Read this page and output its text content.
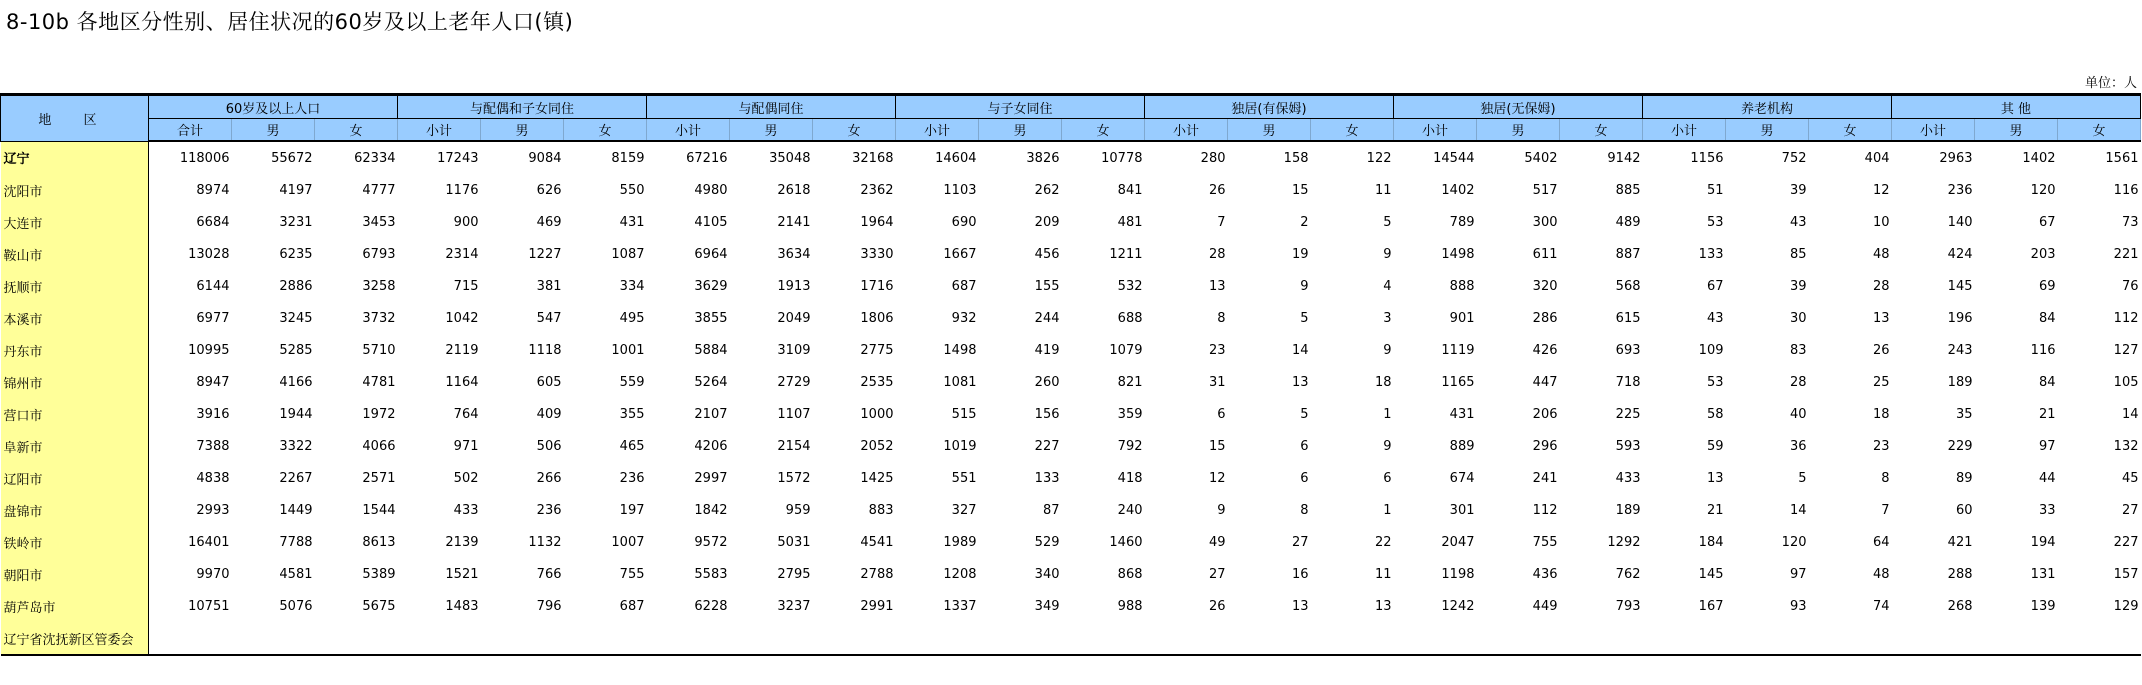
8-10b 各地区分性别、居住状况的60岁及以上老年人口(镇)
单位：人
地 区	60岁及以上人口			与配偶和子女同住			与配偶同住			与子女同住			独居(有保姆)			独居(无保姆)			养老机构			其 他		
	合计	男	女	小计	男	女	小计	男	女	小计	男	女	小计	男	女	小计	男	女	小计	男	女	小计	男	女
辽宁	118006	55672	62334	17243	9084	8159	67216	35048	32168	14604	3826	10778	280	158	122	14544	5402	9142	1156	752	404	2963	1402	1561
沈阳市	8974	4197	4777	1176	626	550	4980	2618	2362	1103	262	841	26	15	11	1402	517	885	51	39	12	236	120	116
大连市	6684	3231	3453	900	469	431	4105	2141	1964	690	209	481	7	2	5	789	300	489	53	43	10	140	67	73
鞍山市	13028	6235	6793	2314	1227	1087	6964	3634	3330	1667	456	1211	28	19	9	1498	611	887	133	85	48	424	203	221
抚顺市	6144	2886	3258	715	381	334	3629	1913	1716	687	155	532	13	9	4	888	320	568	67	39	28	145	69	76
本溪市	6977	3245	3732	1042	547	495	3855	2049	1806	932	244	688	8	5	3	901	286	615	43	30	13	196	84	112
丹东市	10995	5285	5710	2119	1118	1001	5884	3109	2775	1498	419	1079	23	14	9	1119	426	693	109	83	26	243	116	127
锦州市	8947	4166	4781	1164	605	559	5264	2729	2535	1081	260	821	31	13	18	1165	447	718	53	28	25	189	84	105
营口市	3916	1944	1972	764	409	355	2107	1107	1000	515	156	359	6	5	1	431	206	225	58	40	18	35	21	14
阜新市	7388	3322	4066	971	506	465	4206	2154	2052	1019	227	792	15	6	9	889	296	593	59	36	23	229	97	132
辽阳市	4838	2267	2571	502	266	236	2997	1572	1425	551	133	418	12	6	6	674	241	433	13	5	8	89	44	45
盘锦市	2993	1449	1544	433	236	197	1842	959	883	327	87	240	9	8	1	301	112	189	21	14	7	60	33	27
铁岭市	16401	7788	8613	2139	1132	1007	9572	5031	4541	1989	529	1460	49	27	22	2047	755	1292	184	120	64	421	194	227
朝阳市	9970	4581	5389	1521	766	755	5583	2795	2788	1208	340	868	27	16	11	1198	436	762	145	97	48	288	131	157
葫芦岛市	10751	5076	5675	1483	796	687	6228	3237	2991	1337	349	988	26	13	13	1242	449	793	167	93	74	268	139	129
辽宁省沈抚新区管委会																								
